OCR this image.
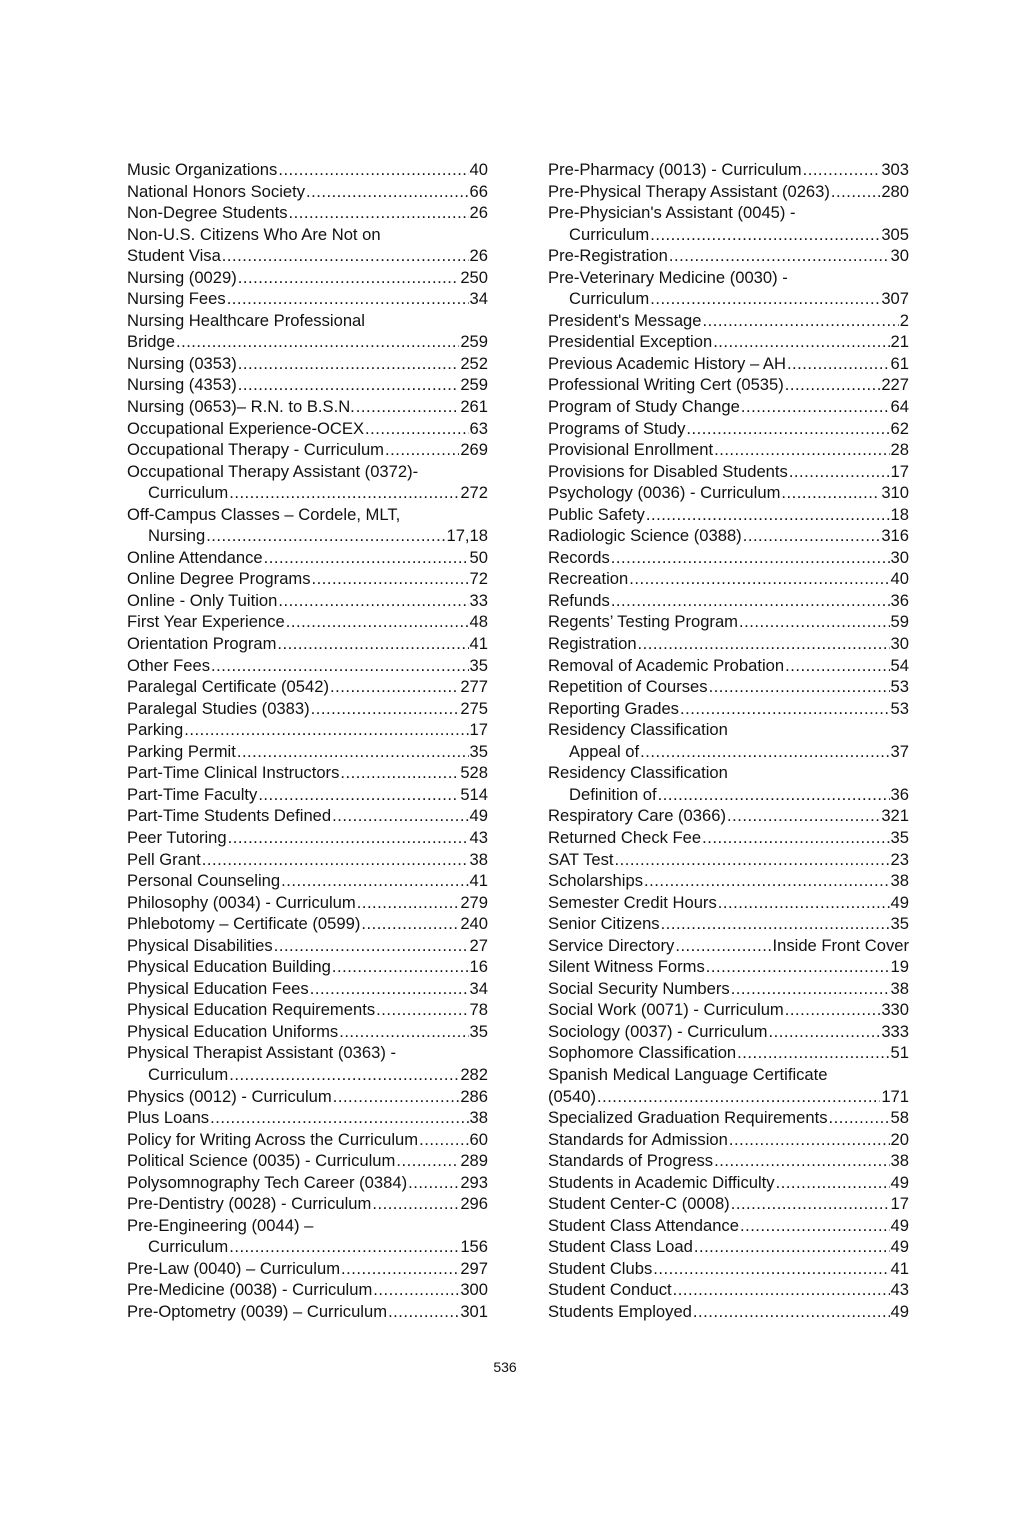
Music Organizations .....	40
National Honors Society .....	66
Non-Degree Students .....	26
Non-U.S. Citizens Who Are Not on
Student Visa .....	26
Nursing (0029) .....	250
Nursing Fees .....	34
Nursing Healthcare Professional
Bridge .....	259
Nursing (0353) .....	252
Nursing (4353) .....	259
Nursing (0653)– R.N. to B.S.N. .....	261
Occupational Experience-OCEX .....	63
Occupational Therapy - Curriculum .....	269
Occupational Therapy Assistant (0372)-
Curriculum .....	272
Off-Campus Classes – Cordele, MLT,
Nursing .....	17,18
Online Attendance .....	50
Online Degree Programs .....	72
Online - Only Tuition .....	33
First Year Experience .....	48
Orientation Program .....	41
Other Fees .....	35
Paralegal Certificate (0542) .....	277
Paralegal Studies (0383) .....	275
Parking .....	17
Parking Permit .....	35
Part-Time Clinical Instructors .....	528
Part-Time Faculty .....	514
Part-Time Students Defined .....	49
Peer Tutoring .....	43
Pell Grant .....	38
Personal Counseling .....	41
Philosophy (0034) - Curriculum .....	279
Phlebotomy – Certificate (0599) .....	240
Physical Disabilities .....	27
Physical Education Building .....	16
Physical Education Fees .....	34
Physical Education Requirements .....	78
Physical Education Uniforms .....	35
Physical Therapist Assistant (0363) -
Curriculum .....	282
Physics (0012) - Curriculum .....	286
Plus Loans .....	38
Policy for Writing Across the Curriculum .....	60
Political Science (0035) - Curriculum .....	289
Polysomnography Tech Career (0384) .....	293
Pre-Dentistry (0028) - Curriculum .....	296
Pre-Engineering (0044) –
Curriculum .....	156
Pre-Law (0040) – Curriculum .....	297
Pre-Medicine (0038) - Curriculum .....	300
Pre-Optometry (0039) – Curriculum .....	301
Pre-Pharmacy (0013) - Curriculum .....	303
Pre-Physical Therapy Assistant (0263) .....	280
Pre-Physician's Assistant (0045) -
Curriculum .....	305
Pre-Registration .....	30
Pre-Veterinary Medicine (0030) -
Curriculum .....	307
President's Message .....	2
Presidential Exception .....	21
Previous Academic History – AH .....	61
Professional Writing Cert (0535) .....	227
Program of Study Change .....	64
Programs of Study .....	62
Provisional Enrollment .....	28
Provisions for Disabled Students .....	17
Psychology (0036) - Curriculum .....	310
Public Safety .....	18
Radiologic Science (0388) .....	316
Records .....	30
Recreation .....	40
Refunds .....	36
Regents’ Testing Program .....	59
Registration .....	30
Removal of Academic Probation .....	54
Repetition of Courses .....	53
Reporting Grades .....	53
Residency Classification
Appeal of .....	37
Residency Classification
Definition of .....	36
Respiratory Care (0366) .....	321
Returned Check Fee .....	35
SAT Test .....	23
Scholarships .....	38
Semester Credit Hours .....	49
Senior Citizens .....	35
Service Directory .....	Inside Front Cover
Silent Witness Forms .....	19
Social Security Numbers .....	38
Social Work (0071) - Curriculum .....	330
Sociology (0037) - Curriculum .....	333
Sophomore Classification .....	51
Spanish Medical Language Certificate
(0540) .....	171
Specialized Graduation Requirements .....	58
Standards for Admission .....	20
Standards of Progress .....	38
Students in Academic Difficulty .....	49
Student Center-C (0008) .....	17
Student Class Attendance .....	49
Student Class Load .....	49
Student Clubs .....	41
Student Conduct .....	43
Students Employed .....	49
536
